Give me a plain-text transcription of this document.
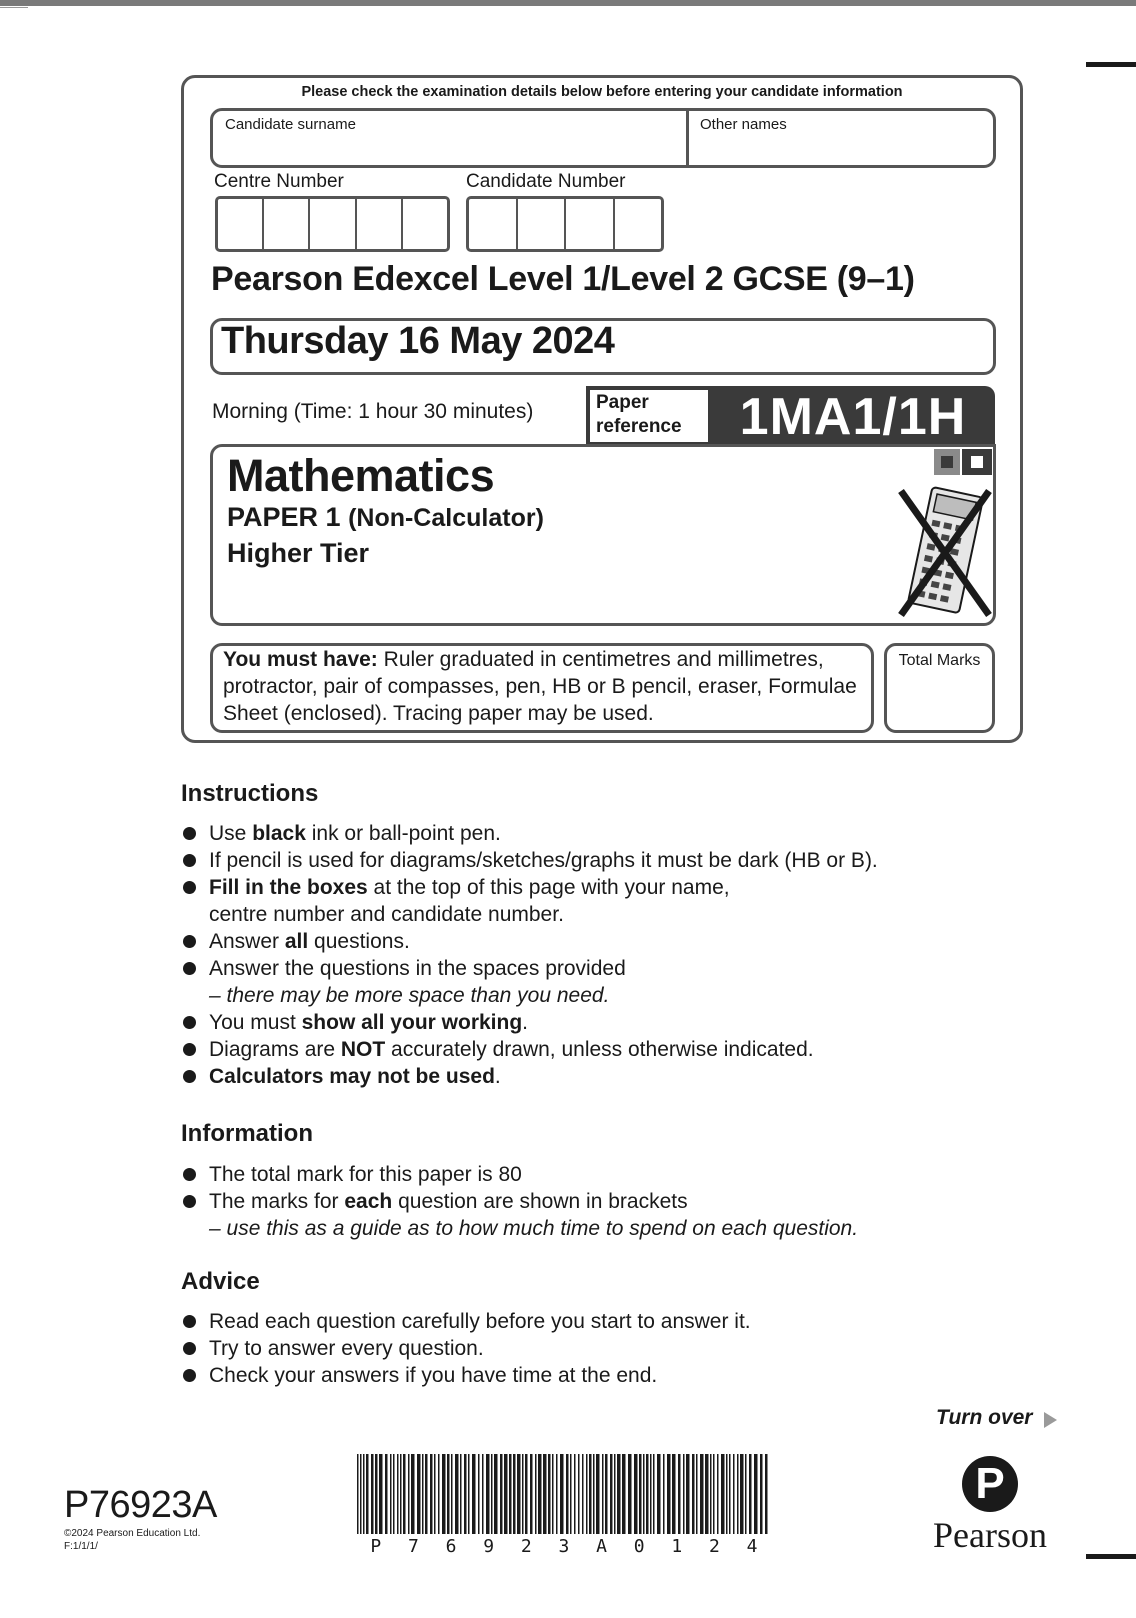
Please check the examination details below before entering your candidate information
Candidate surname	Other names
Centre Number	Candidate Number
Pearson Edexcel Level 1/Level 2 GCSE (9–1)
Thursday 16 May 2024
Morning (Time: 1 hour 30 minutes)	Paper
reference	1MA1/1H
Mathematics
PAPER 1 (Non-Calculator)
Higher Tier
You must have: Ruler graduated in centimetres and millimetres, protractor, pair of compasses, pen, HB or B pencil, eraser, Formulae Sheet (enclosed). Tracing paper may be used.
Total Marks
Instructions
Use black ink or ball-point pen.
If pencil is used for diagrams/sketches/graphs it must be dark (HB or B).
Fill in the boxes at the top of this page with your name,
centre number and candidate number.
Answer all questions.
Answer the questions in the spaces provided
– there may be more space than you need.
You must show all your working.
Diagrams are NOT accurately drawn, unless otherwise indicated.
Calculators may not be used.
Information
The total mark for this paper is 80
The marks for each question are shown in brackets
– use this as a guide as to how much time to spend on each question.
Advice
Read each question carefully before you start to answer it.
Try to answer every question.
Check your answers if you have time at the end.
Turn over
P76923A
©2024 Pearson Education Ltd.
F:1/1/1/	P 7 6 9 2 3 A 0 1 2 4
P
Pearson
